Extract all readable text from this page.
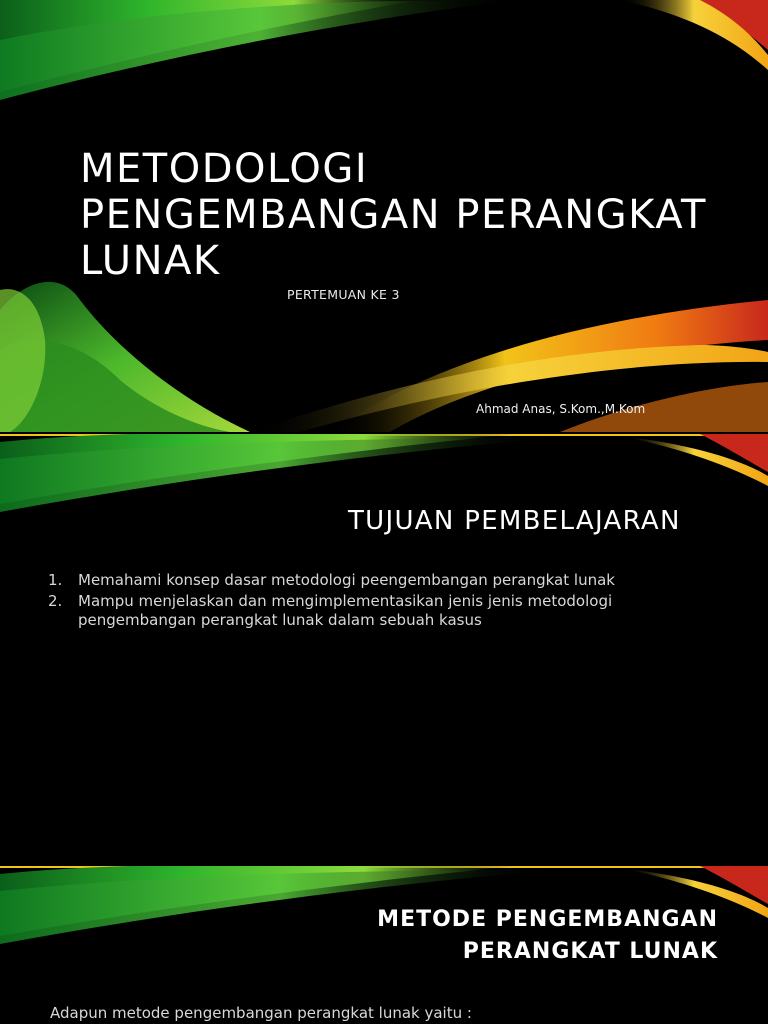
METODOLOGI PENGEMBANGAN PERANGKAT LUNAK
PERTEMUAN KE 3
Ahmad Anas, S.Kom.,M.Kom
TUJUAN PEMBELAJARAN
1. Memahami konsep dasar metodologi peengembangan perangkat lunak
2. Mampu menjelaskan dan mengimplementasikan jenis jenis metodologi pengembangan perangkat lunak dalam sebuah kasus
METODE PENGEMBANGAN PERANGKAT LUNAK
Adapun metode pengembangan perangkat lunak yaitu :
